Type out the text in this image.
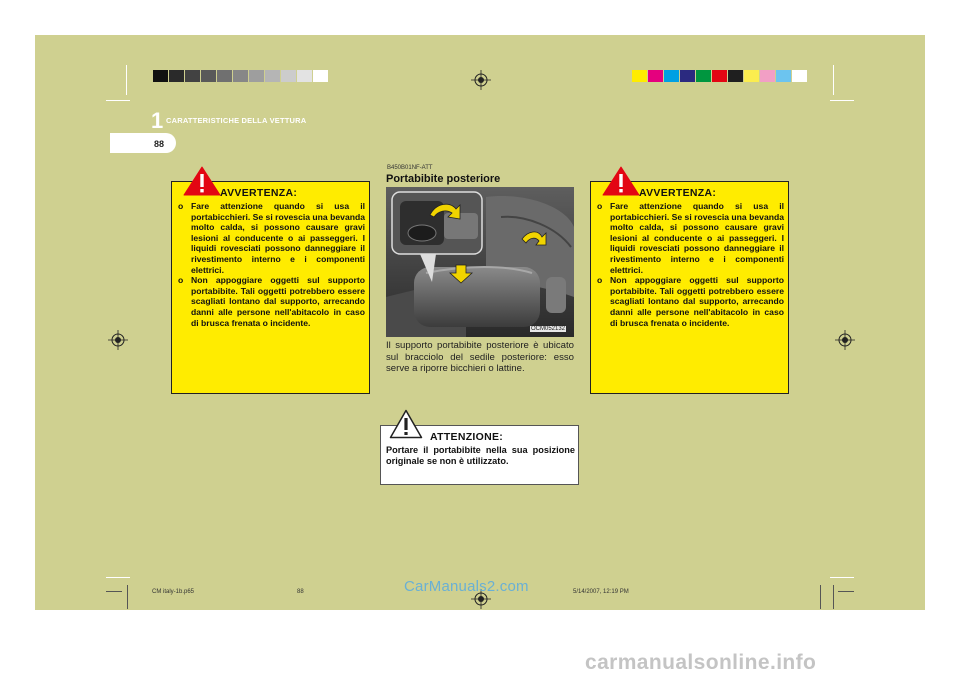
1 CARATTERISTICHE DELLA VETTURA
88
AVVERTENZA:
o Fare attenzione quando si usa il portabicchieri. Se si rovescia una bevanda molto calda, si possono causare gravi lesioni al conducente o ai passeggeri. I liquidi rovesciati possono danneggiare il rivestimento interno e i componenti elettrici.
o Non appoggiare oggetti sul supporto portabibite. Tali oggetti potrebbero essere scagliati lontano dal supporto, arrecando danni alle persone nell'abitacolo in caso di brusca frenata o incidente.
AVVERTENZA:
o Fare attenzione quando si usa il portabicchieri. Se si rovescia una bevanda molto calda, si possono causare gravi lesioni al conducente o ai passeggeri. I liquidi rovesciati possono danneggiare il rivestimento interno e i componenti elettrici.
o Non appoggiare oggetti sul supporto portabibite. Tali oggetti potrebbero essere scagliati lontano dal supporto, arrecando danni alle persone nell'abitacolo in caso di brusca frenata o incidente.
B450B01NF-ATT
Portabibite posteriore
OCM052132
Il supporto portabibite posteriore è ubicato sul bracciolo del sedile posteriore: esso serve a riporre bicchieri o lattine.
ATTENZIONE:
Portare il portabibite nella sua posizione originale se non è utilizzato.
CM italy-1b.p65	88	5/14/2007, 12:19 PM
CarManuals2.com
carmanualsonline.info
